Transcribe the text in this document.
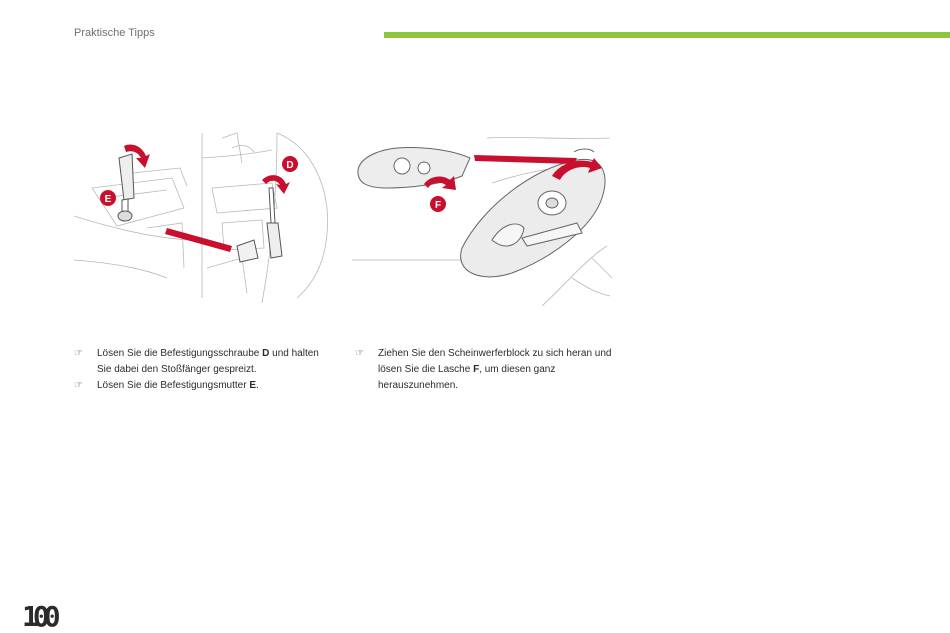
Praktische Tipps
E
D
F
☞ Lösen Sie die Befestigungsschraube D und halten Sie dabei den Stoßfänger gespreizt.
☞ Lösen Sie die Befestigungsmutter E.
☞ Ziehen Sie den Scheinwerferblock zu sich heran und lösen Sie die Lasche F, um diesen ganz herauszunehmen.
100
